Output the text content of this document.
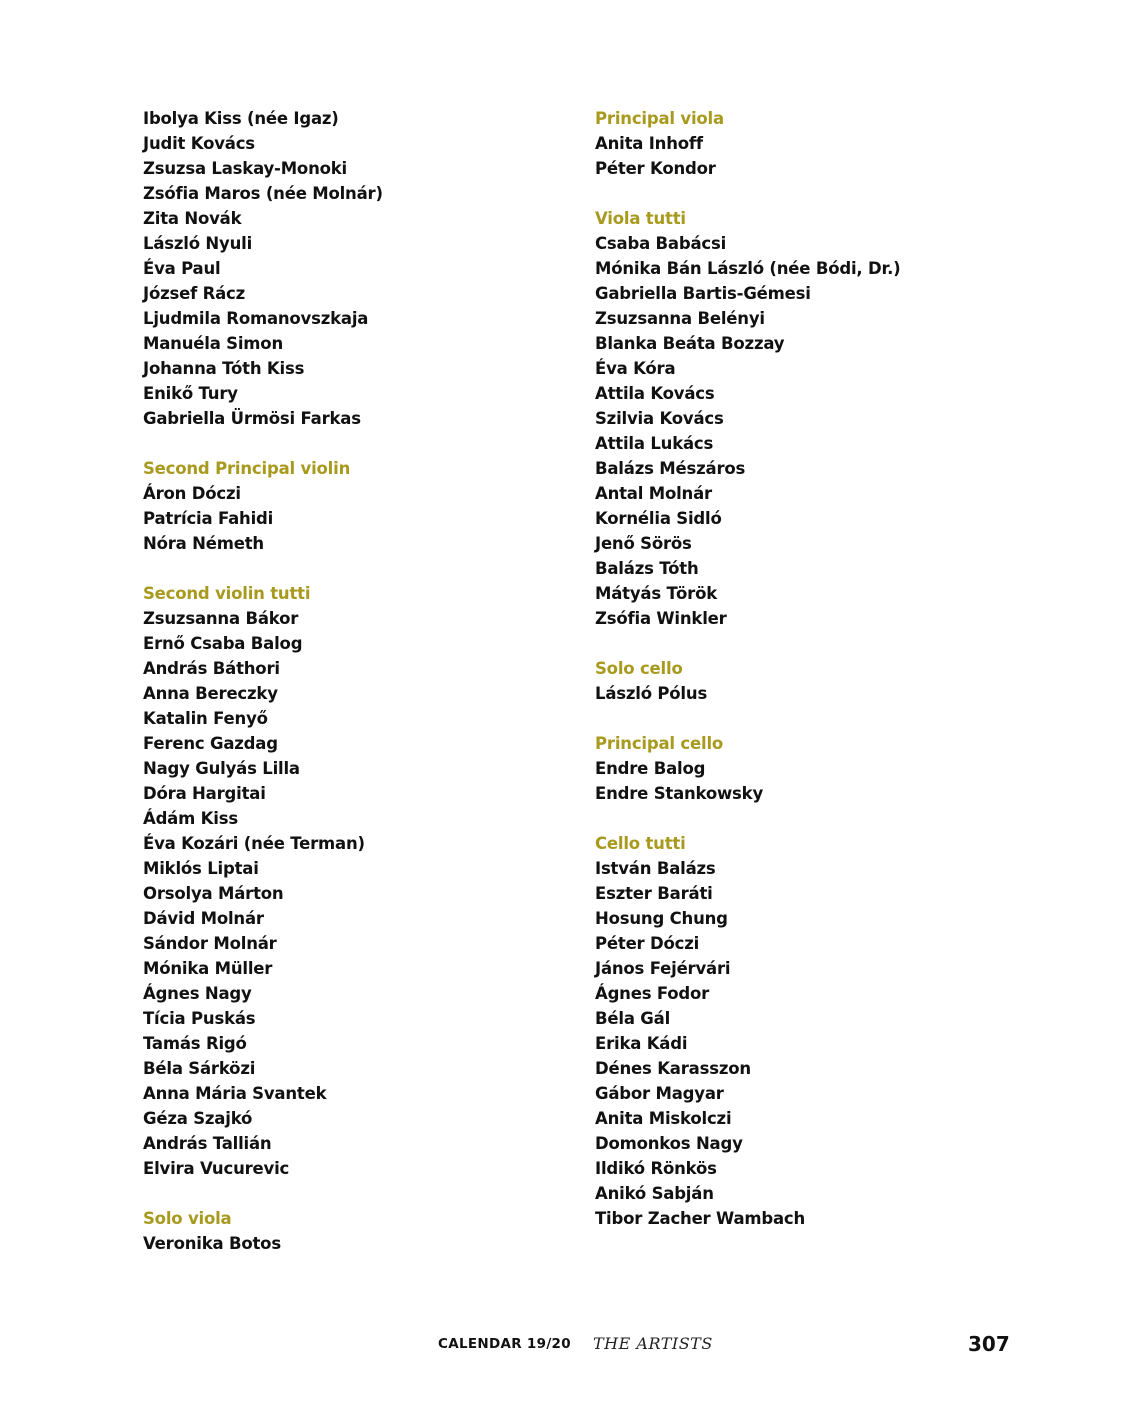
Ibolya Kiss (née Igaz)
Judit Kovács
Zsuzsa Laskay-Monoki
Zsófia Maros (née Molnár)
Zita Novák
László Nyuli
Éva Paul
József Rácz
Ljudmila Romanovszkaja
Manuéla Simon
Johanna Tóth Kiss
Enikő Tury
Gabriella Ürmösi Farkas
Second Principal violin
Áron Dóczi
Patrícia Fahidi
Nóra Németh
Second violin tutti
Zsuzsanna Bákor
Ernő Csaba Balog
András Báthori
Anna Bereczky
Katalin Fenyő
Ferenc Gazdag
Nagy Gulyás Lilla
Dóra Hargitai
Ádám Kiss
Éva Kozári (née Terman)
Miklós Liptai
Orsolya Márton
Dávid Molnár
Sándor Molnár
Mónika Müller
Ágnes Nagy
Tícia Puskás
Tamás Rigó
Béla Sárközi
Anna Mária Svantek
Géza Szajkó
András Tallián
Elvira Vucurevic
Solo viola
Veronika Botos
Principal viola
Anita Inhoff
Péter Kondor
Viola tutti
Csaba Babácsi
Mónika Bán László (née Bódi, Dr.)
Gabriella Bartis-Gémesi
Zsuzsanna Belényi
Blanka Beáta Bozzay
Éva Kóra
Attila Kovács
Szilvia Kovács
Attila Lukács
Balázs Mészáros
Antal Molnár
Kornélia Sidló
Jenő Sörös
Balázs Tóth
Mátyás Török
Zsófia Winkler
Solo cello
László Pólus
Principal cello
Endre Balog
Endre Stankowsky
Cello tutti
István Balázs
Eszter Baráti
Hosung Chung
Péter Dóczi
János Fejérvári
Ágnes Fodor
Béla Gál
Erika Kádi
Dénes Karasszon
Gábor Magyar
Anita Miskolczi
Domonkos Nagy
Ildikó Rönkös
Anikó Sabján
Tibor Zacher Wambach
CALENDAR 19/20 THE ARTISTS	307
